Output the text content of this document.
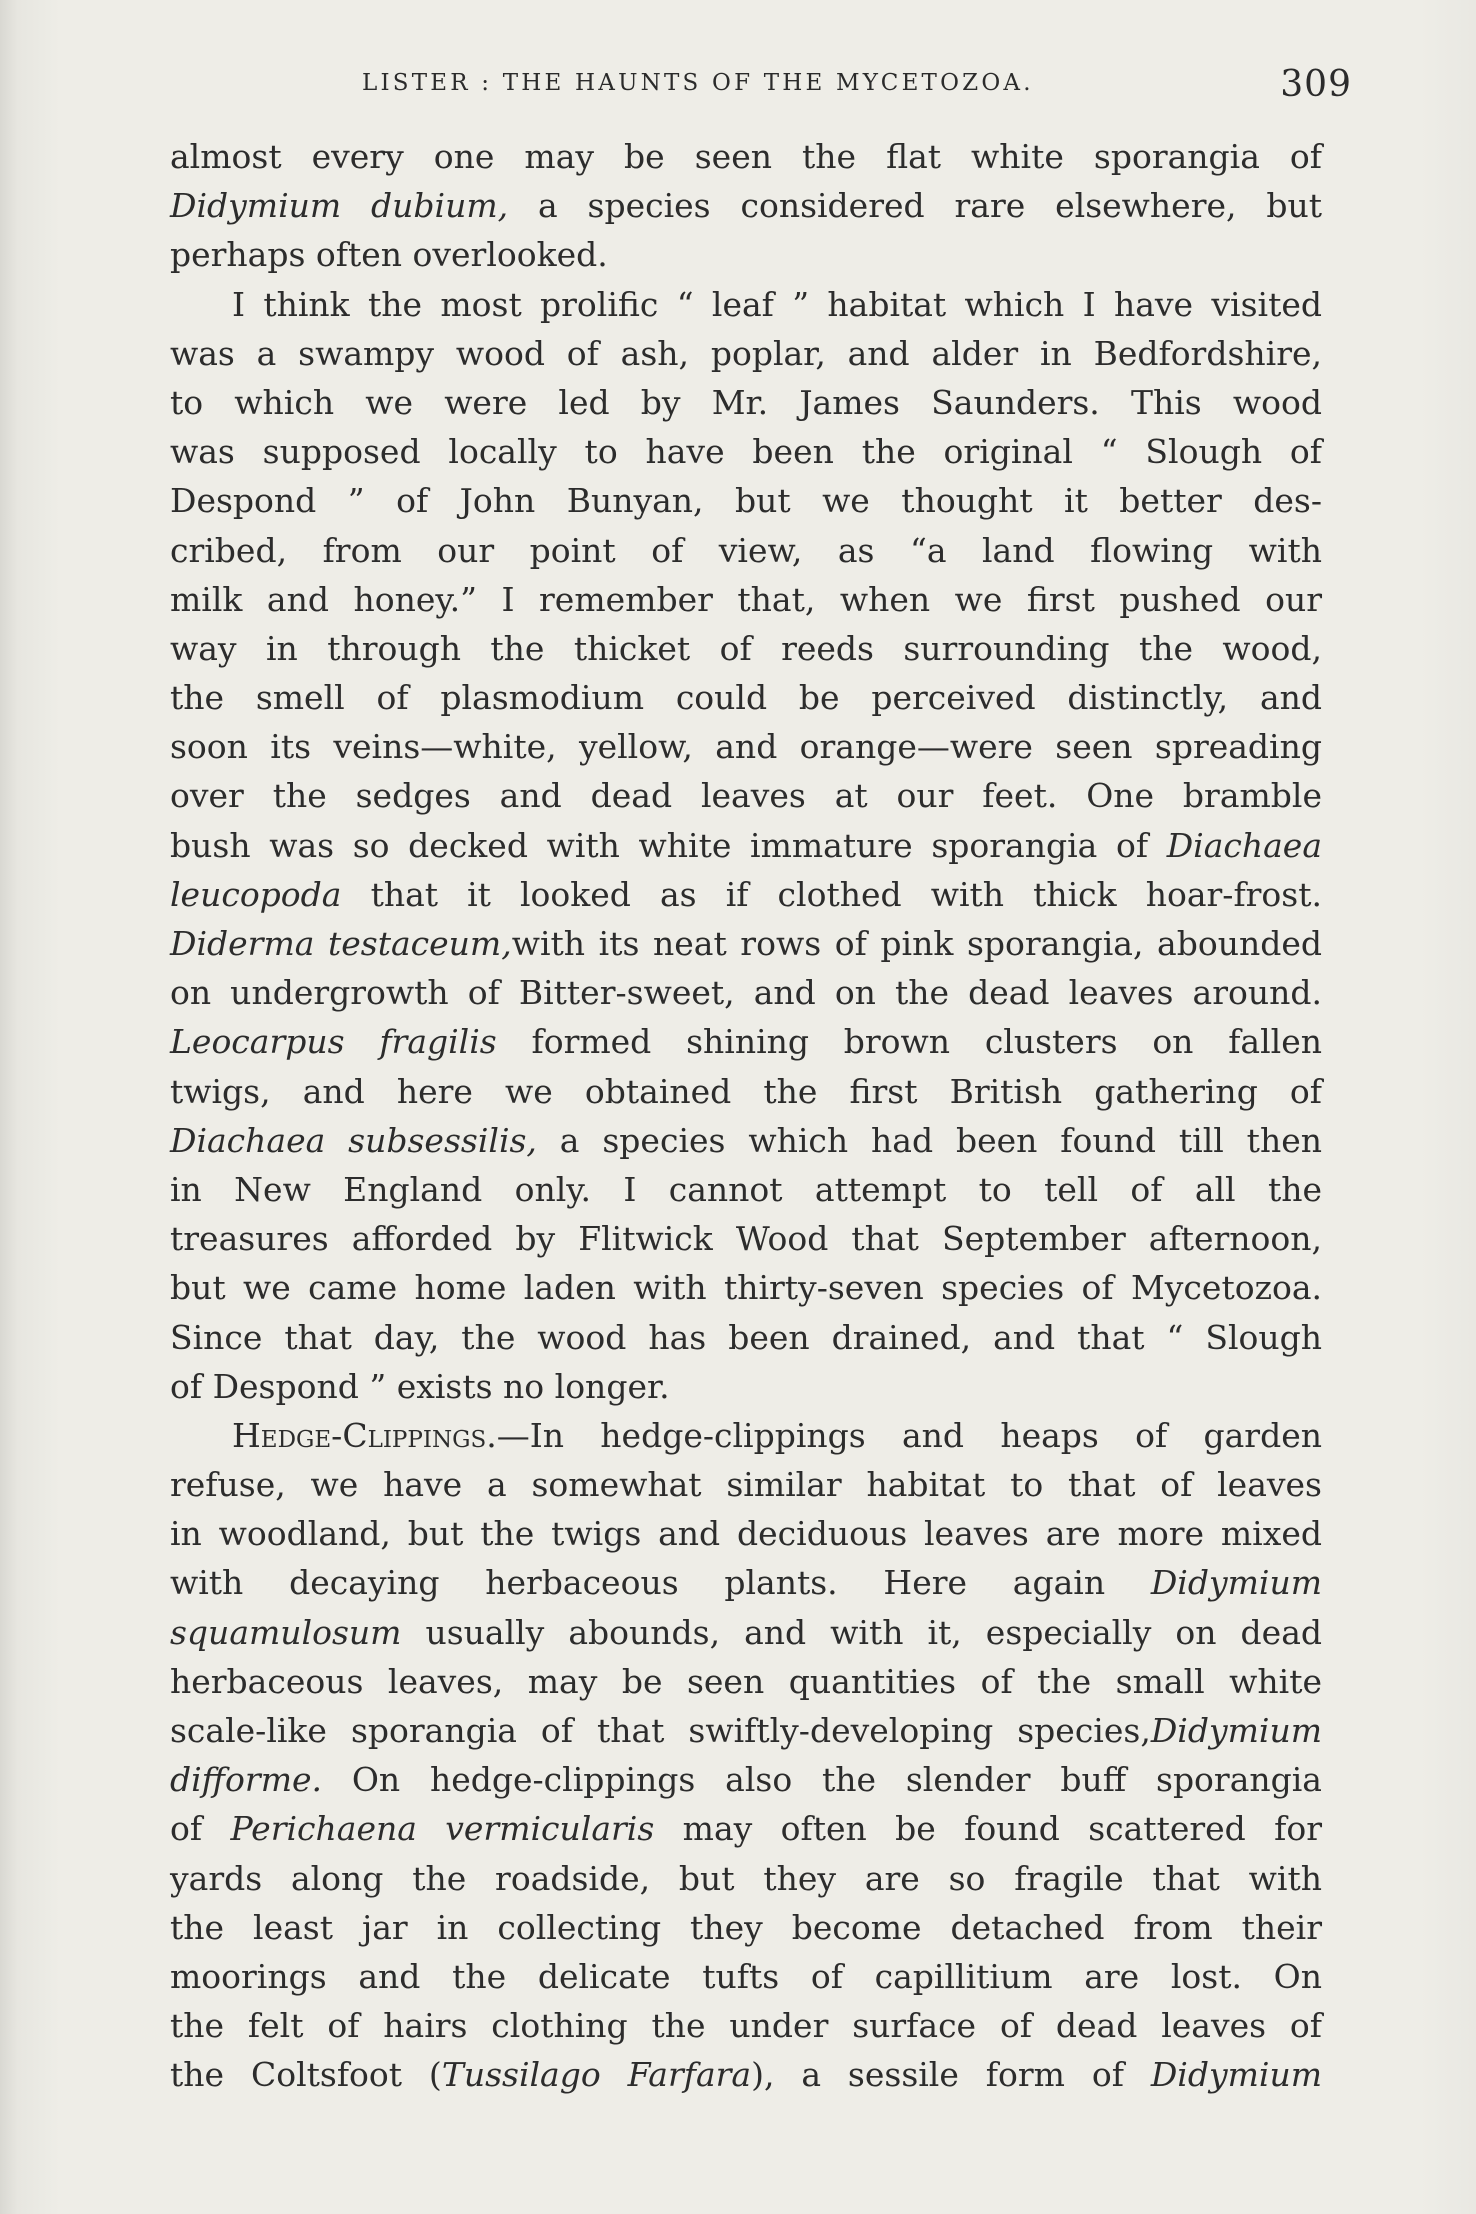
LISTER : THE HAUNTS OF THE MYCETOZOA.	309
almost every one may be seen the flat white sporangia of
Didymium dubium, a species considered rare elsewhere, but
perhaps often overlooked.
I think the most prolific “ leaf ” habitat which I have visited
was a swampy wood of ash, poplar, and alder in Bedfordshire,
to which we were led by Mr. James Saunders. This wood
was supposed locally to have been the original “ Slough of
Despond ” of John Bunyan, but we thought it better des-
cribed, from our point of view, as “a land flowing with
milk and honey.” I remember that, when we first pushed our
way in through the thicket of reeds surrounding the wood,
the smell of plasmodium could be perceived distinctly, and
soon its veins—white, yellow, and orange—were seen spreading
over the sedges and dead leaves at our feet. One bramble
bush was so decked with white immature sporangia of Diachaea
leucopoda that it looked as if clothed with thick hoar-frost.
Diderma testaceum,with its neat rows of pink sporangia, abounded
on undergrowth of Bitter-sweet, and on the dead leaves around.
Leocarpus fragilis formed shining brown clusters on fallen
twigs, and here we obtained the first British gathering of
Diachaea subsessilis, a species which had been found till then
in New England only. I cannot attempt to tell of all the
treasures afforded by Flitwick Wood that September afternoon,
but we came home laden with thirty-seven species of Mycetozoa.
Since that day, the wood has been drained, and that “ Slough
of Despond ” exists no longer.
Hedge-Clippings.—In hedge-clippings and heaps of garden
refuse, we have a somewhat similar habitat to that of leaves
in woodland, but the twigs and deciduous leaves are more mixed
with decaying herbaceous plants. Here again Didymium
squamulosum usually abounds, and with it, especially on dead
herbaceous leaves, may be seen quantities of the small white
scale-like sporangia of that swiftly-developing species,Didymium
difforme. On hedge-clippings also the slender buff sporangia
of Perichaena vermicularis may often be found scattered for
yards along the roadside, but they are so fragile that with
the least jar in collecting they become detached from their
moorings and the delicate tufts of capillitium are lost. On
the felt of hairs clothing the under surface of dead leaves of
the Coltsfoot (Tussilago Farfara), a sessile form of Didymium
